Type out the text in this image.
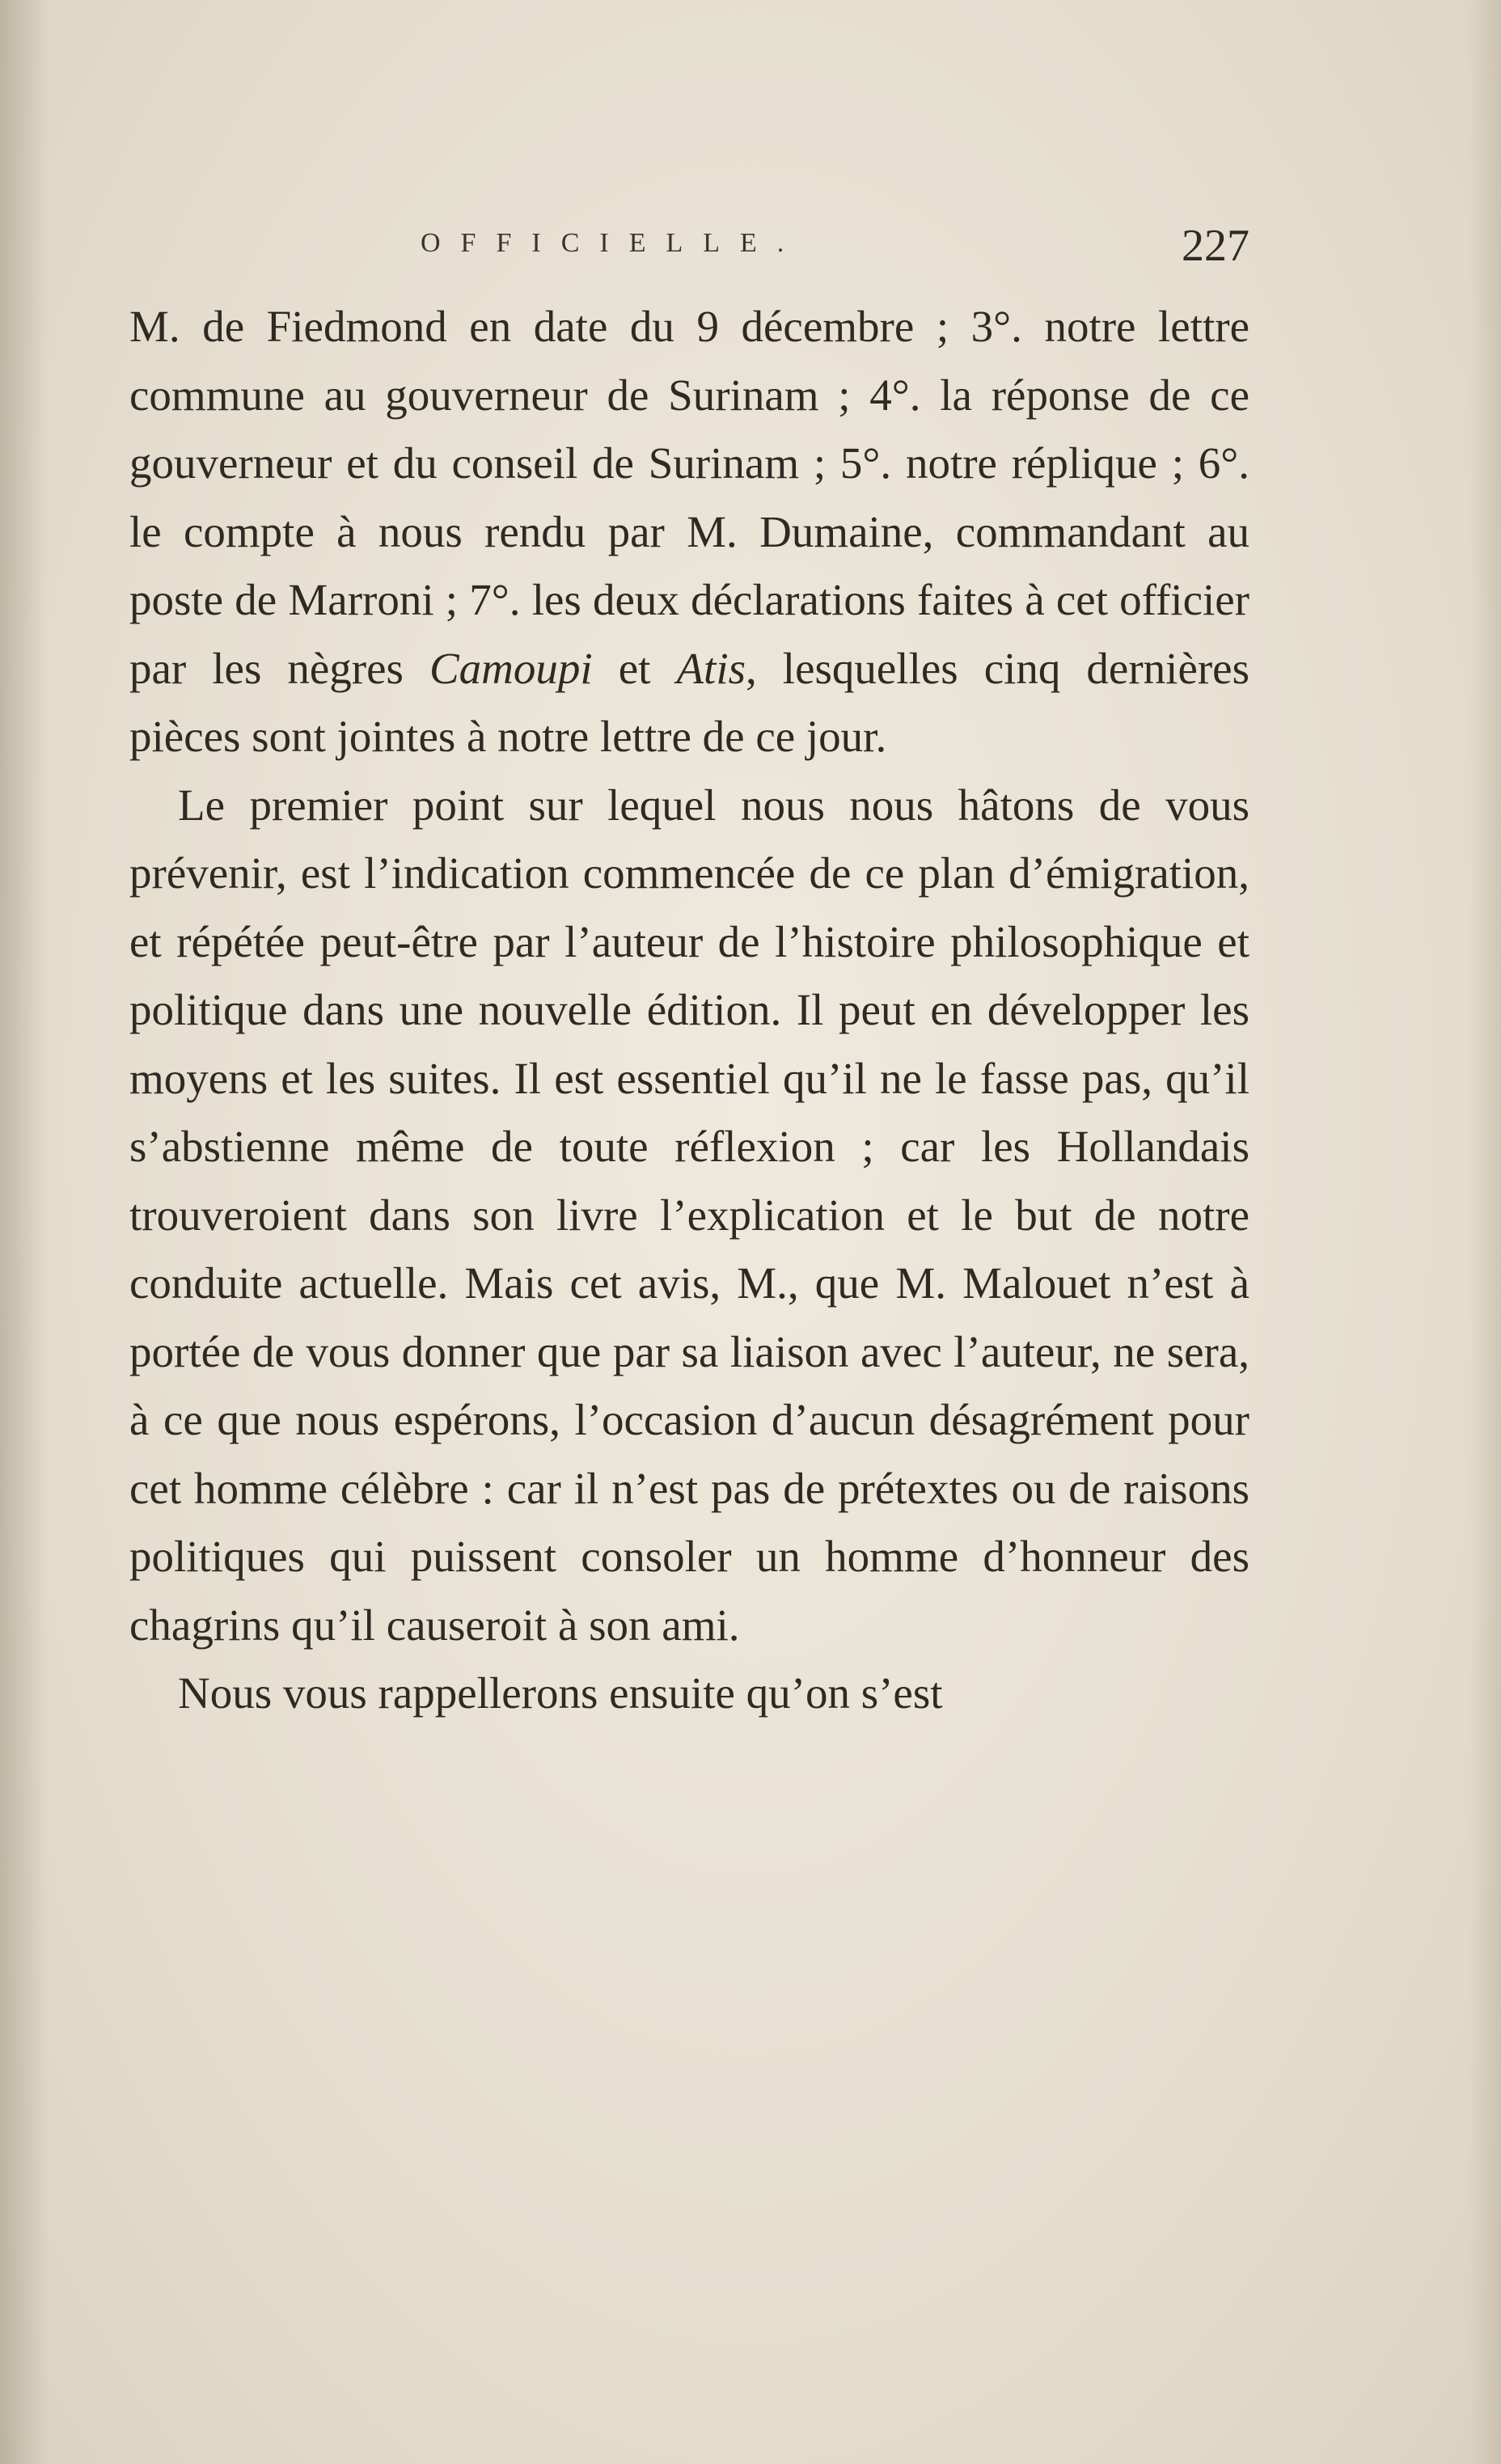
OFFICIELLE.	227

M. de Fiedmond en date du 9 décembre ; 3°. notre lettre commune au gouverneur de Surinam ; 4°. la réponse de ce gouverneur et du conseil de Surinam ; 5°. notre réplique ; 6°. le compte à nous rendu par M. Dumaine, commandant au poste de Marroni ; 7°. les deux déclarations faites à cet officier par les nègres Camoupi et Atis, lesquelles cinq dernières pièces sont jointes à notre lettre de ce jour.

Le premier point sur lequel nous nous hâtons de vous prévenir, est l’indication commencée de ce plan d’émigration, et répétée peut-être par l’auteur de l’histoire philosophique et politique dans une nouvelle édition. Il peut en développer les moyens et les suites. Il est essentiel qu’il ne le fasse pas, qu’il s’abstienne même de toute réflexion ; car les Hollandais trouveroient dans son livre l’explication et le but de notre conduite actuelle. Mais cet avis, M., que M. Malouet n’est à portée de vous donner que par sa liaison avec l’auteur, ne sera, à ce que nous espérons, l’occasion d’aucun désagrément pour cet homme célèbre : car il n’est pas de prétextes ou de raisons politiques qui puissent consoler un homme d’honneur des chagrins qu’il causeroit à son ami.

Nous vous rappellerons ensuite qu’on s’est
